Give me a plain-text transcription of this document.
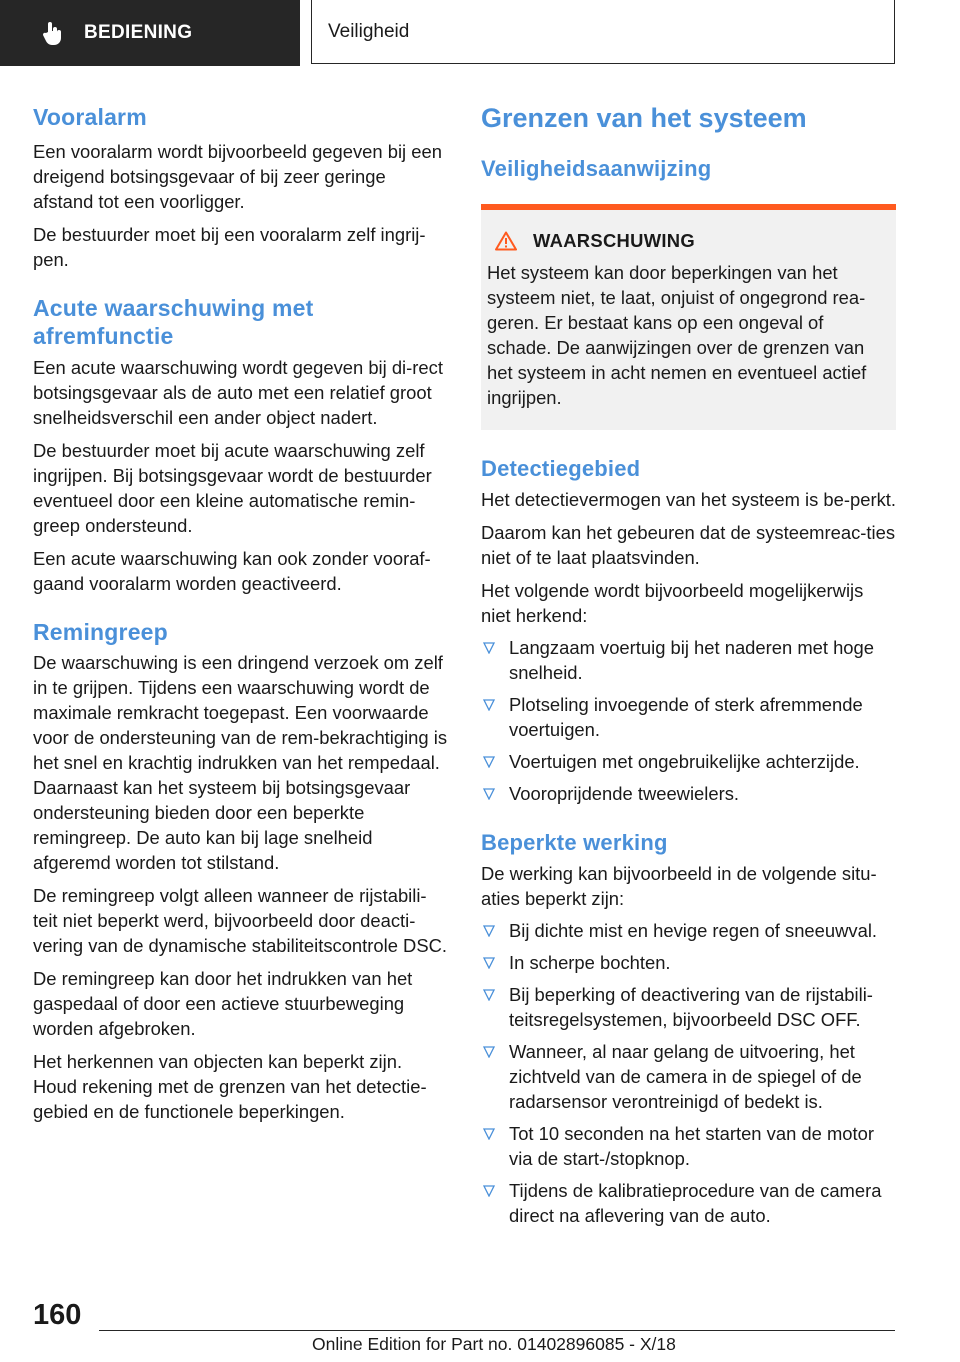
BEDIENING	Veiligheid
Vooralarm

Een vooralarm wordt bijvoorbeeld gegeven bij een dreigend botsingsgevaar of bij zeer geringe afstand tot een voorligger.

De bestuurder moet bij een vooralarm zelf ingrij-pen.

Acute waarschuwing met afremfunctie

Een acute waarschuwing wordt gegeven bij di-rect botsingsgevaar als de auto met een relatief groot snelheidsverschil een ander object nadert.

De bestuurder moet bij acute waarschuwing zelf ingrijpen. Bij botsingsgevaar wordt de bestuurder eventueel door een kleine automatische remin-greep ondersteund.

Een acute waarschuwing kan ook zonder vooraf-gaand vooralarm worden geactiveerd.

Remingreep

De waarschuwing is een dringend verzoek om zelf in te grijpen. Tijdens een waarschuwing wordt de maximale remkracht toegepast. Een voorwaarde voor de ondersteuning van de rem-bekrachtiging is het snel en krachtig indrukken van het rempedaal. Daarnaast kan het systeem bij botsingsgevaar ondersteuning bieden door een beperkte remingreep. De auto kan bij lage snelheid afgeremd worden tot stilstand.

De remingreep volgt alleen wanneer de rijstabili-teit niet beperkt werd, bijvoorbeeld door deacti-vering van de dynamische stabiliteitscontrole DSC.

De remingreep kan door het indrukken van het gaspedaal of door een actieve stuurbeweging worden afgebroken.

Het herkennen van objecten kan beperkt zijn. Houd rekening met de grenzen van het detectie-gebied en de functionele beperkingen.

Grenzen van het systeem
Veiligheidsaanwijzing
WAARSCHUWING

Het systeem kan door beperkingen van het systeem niet, te laat, onjuist of ongegrond rea-geren. Er bestaat kans op een ongeval of schade. De aanwijzingen over de grenzen van het systeem in acht nemen en eventueel actief ingrijpen.

Detectiegebied

Het detectievermogen van het systeem is be-perkt.

Daarom kan het gebeuren dat de systeemreac-ties niet of te laat plaatsvinden.

Het volgende wordt bijvoorbeeld mogelijkerwijs niet herkend:

Langzaam voertuig bij het naderen met hoge snelheid.
Plotseling invoegende of sterk afremmende voertuigen.
Voertuigen met ongebruikelijke achterzijde.
Vooroprijdende tweewielers.
Beperkte werking

De werking kan bijvoorbeeld in de volgende situ-aties beperkt zijn:

Bij dichte mist en hevige regen of sneeuwval.
In scherpe bochten.
Bij beperking of deactivering van de rijstabili-teitsregelsystemen, bijvoorbeeld DSC OFF.
Wanneer, al naar gelang de uitvoering, het zichtveld van de camera in de spiegel of de radarsensor verontreinigd of bedekt is.
Tot 10 seconden na het starten van de motor via de start-/stopknop.
Tijdens de kalibratieprocedure van de camera direct na aflevering van de auto.
160
Online Edition for Part no. 01402896085 - X/18
